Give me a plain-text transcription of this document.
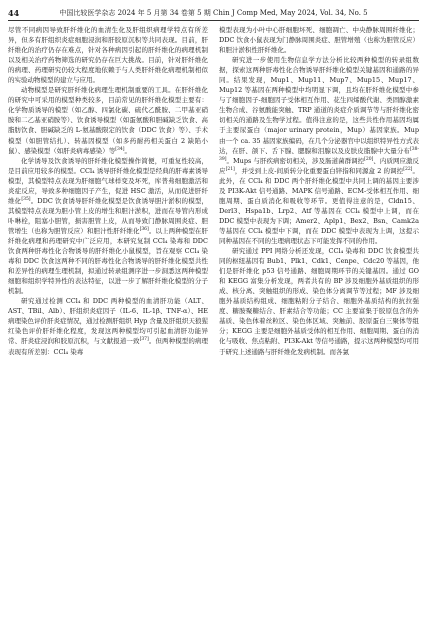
44	中国比较医学杂志 2024 年 5 月第 34 卷第 5 期 Chin J Comp Med, May 2024, Vol. 34, No. 5

尽管不同病因导致肝纤维化的血清生化及肝组织病理学特点有所差异，但多有肝组织炎症细胞浸润和肝胶原沉积等共同表现。目前，肝纤维化的治疗仍存在难点，针对各种病因引起的肝纤维化的病理机制以及相关治疗药物筛选的研究仍存在巨大挑战。目前，针对肝纤维化的病理、药理研究仍较大程度地依赖于与人类肝纤维化病理机制相似的实验动物模型的建立与应用。

动物模型是研究肝纤维化病理生理机制重要的工具。在肝纤维化的研究中可采用的模型种类较多，目前常见的肝纤维化模型主要有：化学物质诱导的模型（如乙醇、四氯化碳、硫代乙酰胺、二甲基亚硝胺和二乙基亚硝胺等）、饮食诱导模型（如蛋氨酸和胆碱缺乏饮食、高脂肪饮食、胆碱缺乏的 L-氨基酸限定的饮食（DDC 饮食）等）、手术模型（如胆管结扎）、转基因模型（如多药耐药相关蛋白 2 缺陷小鼠）、感染模型（如肝炎病毒感染）等[34]。

化学诱导及饮食诱导的肝纤维化模型操作简便，可重复性较高，是目前应用较多的模型。CCl₄ 诱导肝纤维化模型是经典的肝毒素诱导模型，其模型特点表现为肝细胞气球样变及坏死，库普弗细胞激活和炎症反应，导致多种细胞因子产生，促进 HSC 激活，从而促进肝纤维化[35]。DDC 饮食诱导肝纤维化模型是饮食诱导胆汁淤积的模型，其模型特点表现为胆小管上皮的增生和胆汁淤积，进而在导管内形成卟啉栓，阻塞小胆管，损害胆管上皮，从而导致门静脉周围炎症、胆管增生（也称为胆管反应）和胆汁性肝纤维化[36]。以上两种模型在肝纤维化病理和药理研究中广泛应用，本研究复制 CCl₄ 染毒和 DDC 饮食两种肝毒性化合物诱导的肝纤维化小鼠模型，旨在观察 CCl₄ 染毒和 DDC 饮食这两种不同的肝毒性化合物诱导的肝纤维化模型共性和差异性的病理生理机制，拟通过转录组测序进一步洞悉这两种模型细胞和组织学特异性的表达特征，以进一步了解肝纤维化模型的分子机制。

研究通过检测 CCl₄ 和 DDC 两种模型的血清肝功能（ALT、AST、TBil、Alb）、肝组织炎症因子（IL-6、IL-1β、TNF-α）、HE 病理染色评价肝炎症情况，通过检测肝组织 Hyp 含量及肝组织天狼猩红染色评价肝纤维化程度，发现这两种模型均可引起血清肝功能异常、肝炎症浸润和胶原沉积，与文献报道一致[37]。但两种模型的病理表现有所差别：CCl₄ 染毒

模型表现为小叶中心肝细胞坏死、细胞凋亡、中央静脉周围纤维化；DDC 饮食小鼠表现为门静脉周围炎症、胆管增殖（也称为胆管反应）和胆汁淤积性肝纤维化。

研究进一步使用生物信息学方法分析比较两种模型的转录组数据，探索这两种肝毒性化合物诱导肝纤维化模型关键基因和通路的异同。结果发现，Mup1、Mup11、Mup7、Mup15、Mup17、Mup12 等基因在两种模型中均明显下调，且均在肝纤维化模型中参与了细胞因子-细胞因子受体相互作用、花生四烯酸代谢、类固醇激素生物合成、谷氨酸能突触、TRP 通道的炎症介质调节等与肝纤维化密切相关的通路及生物学过程。值得注意的是，这些共性作用基因均属于主要尿蛋白（major urinary protein，Mup）基因家族。Mup 由一个 ca. 35 基因家族编码，在几个分泌器官中以组织特异性方式表达，在肝、颌下、舌下腺、腮腺和泪腺以及皮肤皮脂腺中大量分布[38-39]。Mups 与肝疾病密切相关，涉及肠道菌群调控[20]、内质网应激反应[21]，并受到上皮-间质转分化重要蛋白锌指和同源盒 2 的调控[22]。此外，在 CCl₄ 和 DDC 两个肝纤维化模型中共同上调的基因主要涉及 PI3K-Akt 信号通路、MAPK 信号通路、ECM-受体相互作用、细胞周期、蛋白质消化和吸收等环节。更值得注意的是，Cldn15、Derl3、Hspa1b、Lrp2、Atf 等基因在 CCl₄ 模型中上调，而在 DDC 模型中表现为下调；Amer2、Aplp1、Bex2、Bsn、Camk2a 等基因在 CCl₄ 模型中下调，而在 DDC 模型中表现为上调，这提示同种基因在不同的生理病理状态下可能发挥不同的作用。

研究通过 PPI 网络分析还发现，CCl₄ 染毒和 DDC 饮食模型共同的枢纽基因有 Bub1、Plk1、Cdk1、Cenpe、Cdc20 等基因，他们是肝纤维化 p53 信号通路、细胞周期环节的关键基因。通过 GO 和 KEGG 富集分析发现，两者共有的 BP 涉及细胞外基质组织的形成、核分离、突触组织的形成、染色体分离调节等过程；MF 涉及细胞外基质结构组成、细胞粘附分子结合、细胞外基质结构的抗拉强度、糖胺聚糖结合、肝素结合等功能；CC 主要富集于胶原包含的外基质、染色体着丝粒区、染色体区域、突触前、胶原蛋白三聚体等组分；KEGG 主要是细胞外基质受体的相互作用、细胞周期、蛋白的消化与吸收、焦点粘附、PI3K-Akt 等信号通路，提示这两种模型均可用于研究上述通路与肝纤维化发病机制。而各氯
